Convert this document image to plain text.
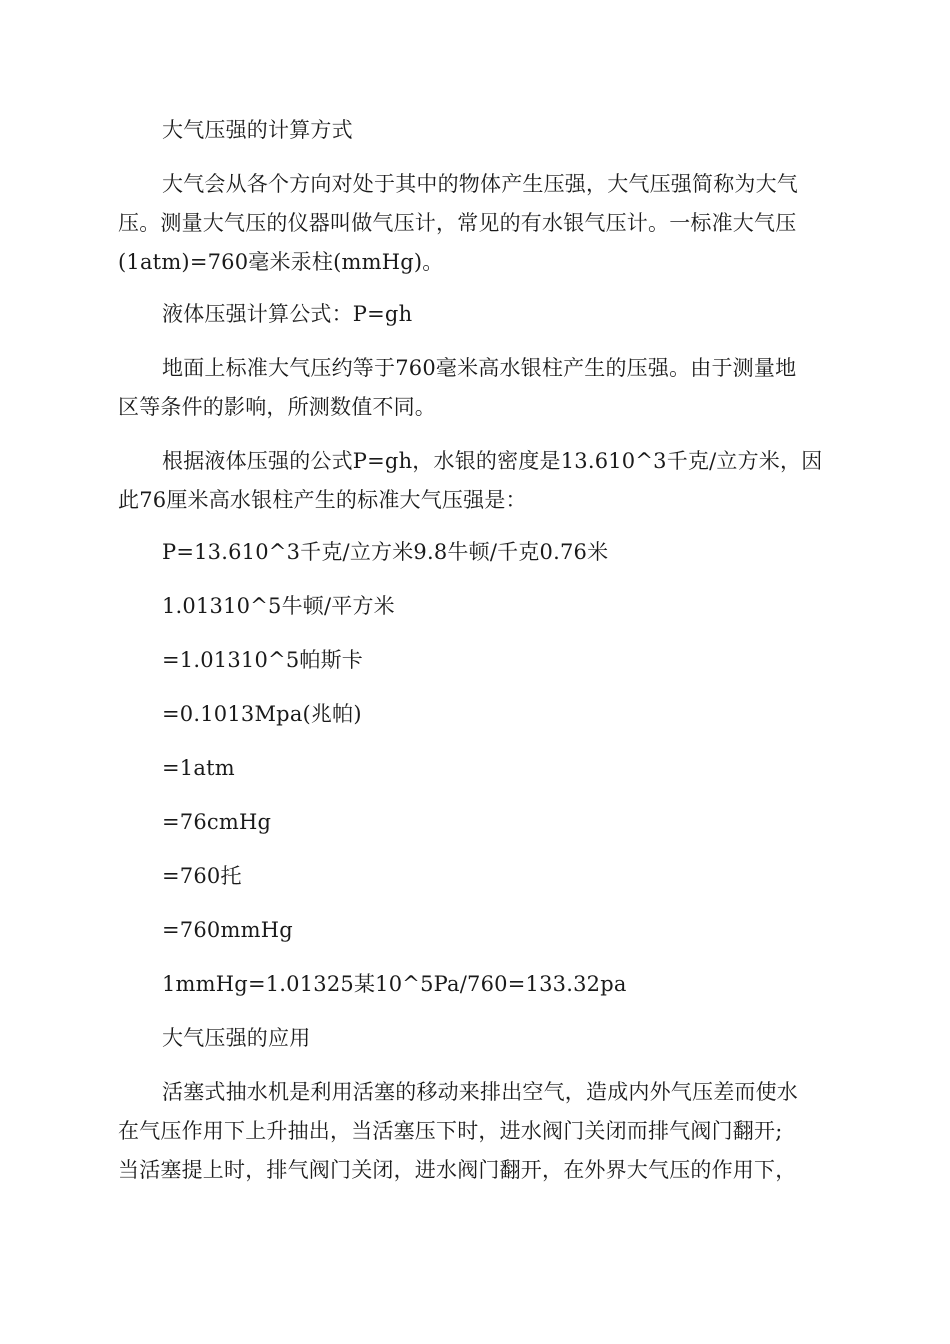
大气压强的计算方式
大气会从各个方向对处于其中的物体产生压强，大气压强简称为大气
压。测量大气压的仪器叫做气压计，常见的有水银气压计。一标准大气压
(1atm)=760毫米汞柱(mmHg)。
液体压强计算公式：P=gh
地面上标准大气压约等于760毫米高水银柱产生的压强。由于测量地
区等条件的影响，所测数值不同。
根据液体压强的公式P=gh，水银的密度是13.610^3千克/立方米，因
此76厘米高水银柱产生的标准大气压强是：
P=13.610^3千克/立方米9.8牛顿/千克0.76米
1.01310^5牛顿/平方米
=1.01310^5帕斯卡
=0.1013Mpa(兆帕)
=1atm
=76cmHg
=760托
=760mmHg
1mmHg=1.01325某10^5Pa/760=133.32pa
大气压强的应用
活塞式抽水机是利用活塞的移动来排出空气，造成内外气压差而使水
在气压作用下上升抽出，当活塞压下时，进水阀门关闭而排气阀门翻开;
当活塞提上时，排气阀门关闭，进水阀门翻开，在外界大气压的作用下，
